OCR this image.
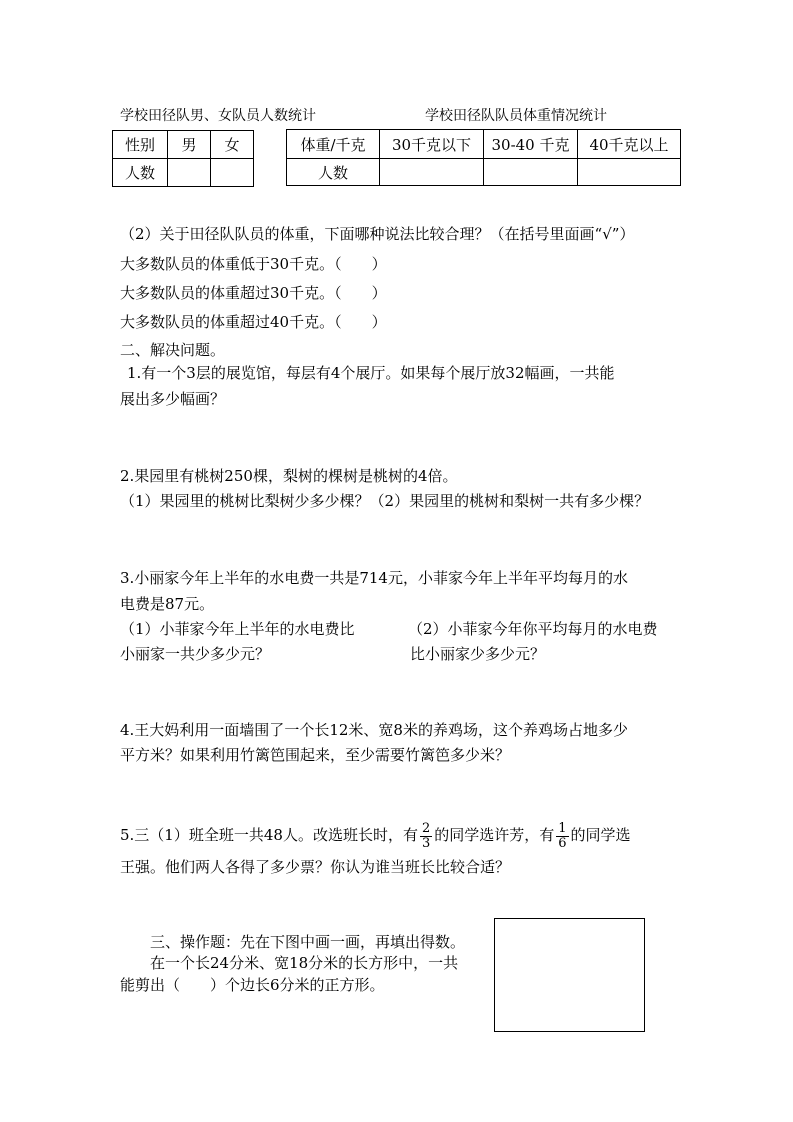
学校田径队男、女队员人数统计	学校田径队队员体重情况统计
性别	男	女
人数		
体重/千克	30千克以下	30-40 千克	40千克以上
人数			
（2）关于田径队队员的体重，下面哪种说法比较合理？（在括号里面画“√”）
大多数队员的体重低于30千克。（　　）
大多数队员的体重超过30千克。（　　）
大多数队员的体重超过40千克。（　　）
二、解决问题。
1.有一个3层的展览馆，每层有4个展厅。如果每个展厅放32幅画，一共能
展出多少幅画？
2.果园里有桃树250棵，梨树的棵树是桃树的4倍。
（1）果园里的桃树比梨树少多少棵？（2）果园里的桃树和梨树一共有多少棵？
3.小丽家今年上半年的水电费一共是714元，小菲家今年上半年平均每月的水
电费是87元。
（1）小菲家今年上半年的水电费比
小丽家一共少多少元？
（2）小菲家今年你平均每月的水电费
比小丽家少多少元？
4.王大妈利用一面墙围了一个长12米、宽8米的养鸡场，这个养鸡场占地多少
平方米？如果利用竹篱笆围起来，至少需要竹篱笆多少米？
5.三（1）班全班一共48人。改选班长时，有 $\frac{2}{3}$ 的同学选许芳，有 $\frac{1}{6}$ 的同学选
王强。他们两人各得了多少票？你认为谁当班长比较合适？
三、操作题：先在下图中画一画，再填出得数。
在一个长24分米、宽18分米的长方形中，一共
能剪出（　　）个边长6分米的正方形。
